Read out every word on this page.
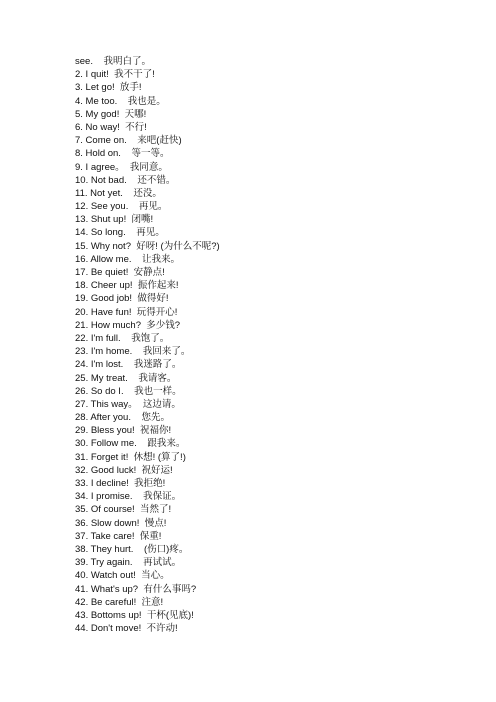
see.    我明白了。
2. I quit!  我不干了!
3. Let go!  放手!
4. Me too.    我也是。
5. My god!  天哪!
6. No way!  不行!
7. Come on.    来吧(赶快)
8. Hold on.    等一等。
9. I agree。  我同意。
10. Not bad.    还不错。
11. Not yet.    还没。
12. See you.    再见。
13. Shut up!  闭嘴!
14. So long.    再见。
15. Why not?  好呀! (为什么不呢?)
16. Allow me.    让我来。
17. Be quiet!  安静点!
18. Cheer up!  振作起来!
19. Good job!  做得好!
20. Have fun!  玩得开心!
21. How much?  多少钱?
22. I'm full.    我饱了。
23. I'm home.    我回来了。
24. I'm lost.    我迷路了。
25. My treat.    我请客。
26. So do I.    我也一样。
27. This way。  这边请。
28. After you.    您先。
29. Bless you!  祝福你!
30. Follow me.    跟我来。
31. Forget it!  休想! (算了!)
32. Good luck!  祝好运!
33. I decline!  我拒绝!
34. I promise.    我保证。
35. Of course!  当然了!
36. Slow down!  慢点!
37. Take care!  保重!
38. They hurt.    (伤口)疼。
39. Try again.    再试试。
40. Watch out!  当心。
41. What's up?  有什么事吗?
42. Be careful!  注意!
43. Bottoms up!  干杯(见底)!
44. Don't move!  不许动!
